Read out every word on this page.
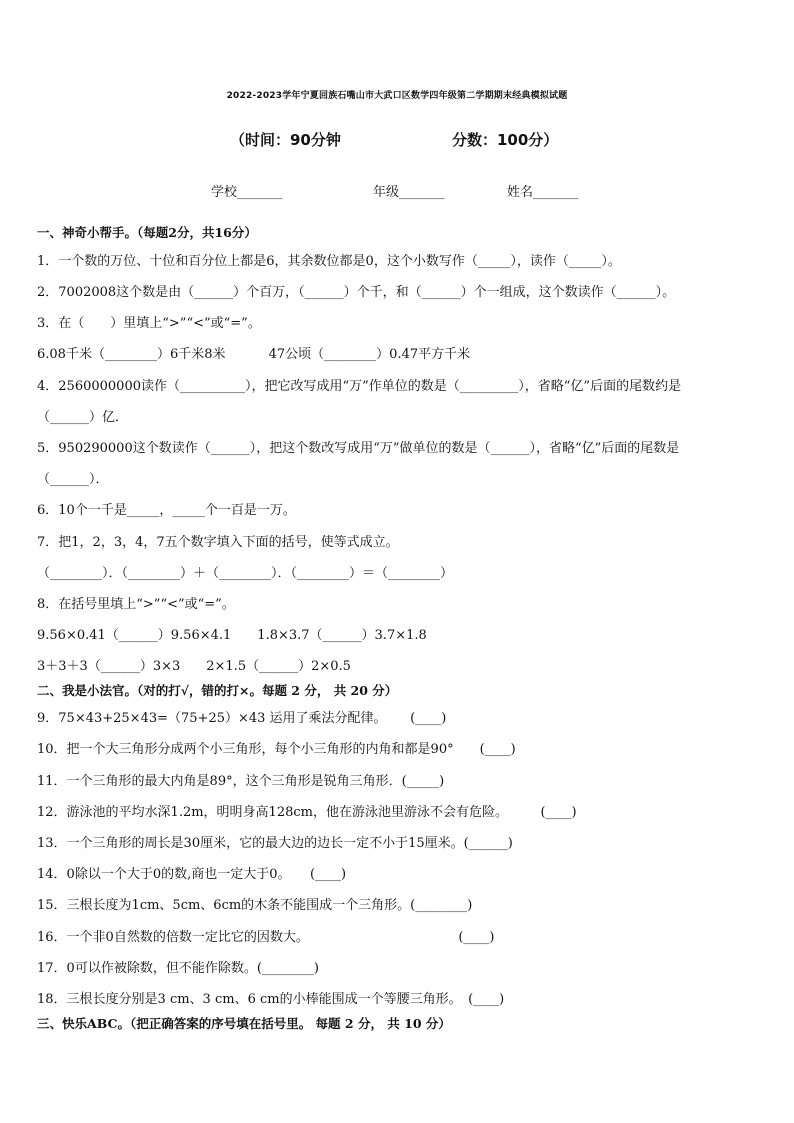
2022-2023学年宁夏回族石嘴山市大武口区数学四年级第二学期期末经典模拟试题
（时间：90分钟	分数：100分）
学校_______	年级_______	姓名_______
一、神奇小帮手。（每题2分，共16分）
1．一个数的万位、十位和百分位上都是6，其余数位都是0，这个小数写作（_____），读作（_____）。
2．7002008这个数是由（______）个百万，（______）个千，和（______）个一组成，这个数读作（______）。
3．在（　　）里填上“>”“<”或“=”。
6.08千米（________）6千米8米　　　 47公顷（________）0.47平方千米
4．2560000000读作（__________），把它改写成用“万”作单位的数是（_________），省略“亿”后面的尾数约是
（______）亿．
5．950290000这个数读作（______），把这个数改写成用“万”做单位的数是（______），省略“亿”后面的尾数是
（______）．
6．10个一千是_____，_____个一百是一万。
7．把1，2，3，4，7五个数字填入下面的括号，使等式成立。
（________）．（________）＋（________）．（________）＝（________）
8．在括号里填上“>”“<”或“=”。
9.56×0.41（______）9.56×4.1　　1.8×3.7（______）3.7×1.8
3＋3＋3（______）3×3　　2×1.5（______）2×0.5
二、我是小法官。（对的打√，错的打×。每题 2 分， 共 20 分）
9．75×43+25×43=（75+25）×43 运用了乘法分配律。　　 (____)
10．把一个大三角形分成两个小三角形，每个小三角形的内角和都是90°　　(____)
11．一个三角形的最大内角是89°，这个三角形是锐角三角形．(_____)
12．游泳池的平均水深1.2m，明明身高128cm，他在游泳池里游泳不会有危险。　　　(____)
13．一个三角形的周长是30厘米，它的最大边的边长一定不小于15厘米。(______)
14．0除以一个大于0的数,商也一定大于0。　　(____)
15．三根长度为1cm、5cm、6cm的木条不能围成一个三角形。(________)
16．一个非0自然数的倍数一定比它的因数大。　　　　　　　　　　　　(____)
17．0可以作被除数，但不能作除数。(________)
18．三根长度分别是3 cm、3 cm、6 cm的小棒能围成一个等腰三角形。　(____)
三、快乐ABC。（把正确答案的序号填在括号里。 每题 2 分， 共 10 分）
